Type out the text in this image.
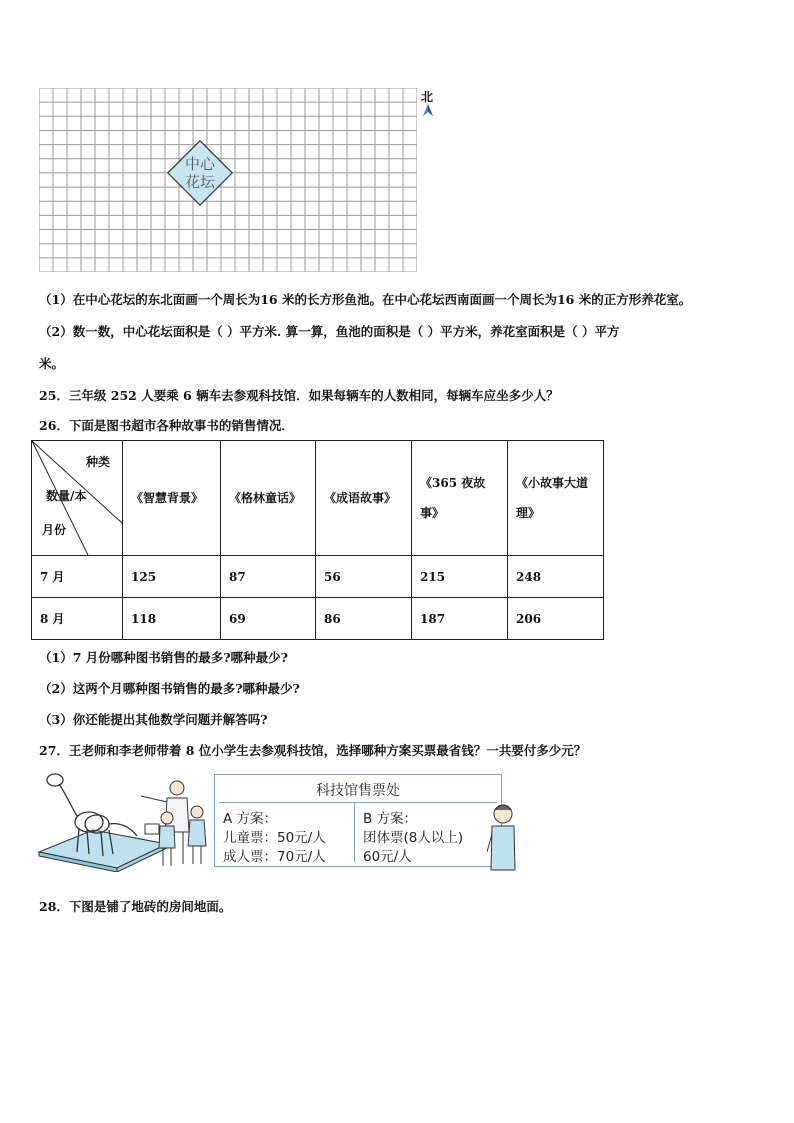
中心
花坛
北
（1）在中心花坛的东北面画一个周长为16 米的长方形鱼池。在中心花坛西南面画一个周长为16 米的正方形养花室。
（2）数一数，中心花坛面积是（ ）平方米. 算一算，鱼池的面积是（ ）平方米，养花室面积是（ ）平方
米。
25．三年级 252 人要乘 6 辆车去参观科技馆．如果每辆车的人数相同，每辆车应坐多少人？
26．下面是图书超市各种故事书的销售情况．
种类
数量/本
月份	《智慧背景》	《格林童话》	《成语故事》	《365 夜故事》	《小故事大道理》
7 月	125	87	56	215	248
8 月	118	69	86	187	206
（1）7 月份哪种图书销售的最多?哪种最少?
（2）这两个月哪种图书销售的最多?哪种最少?
（3）你还能提出其他数学问题并解答吗?
27．王老师和李老师带着 8 位小学生去参观科技馆，选择哪种方案买票最省钱？一共要付多少元？
科技馆售票处
A 方案：
儿童票：50元/人
成人票：70元/人
B 方案：
团体票(8人以上)
60元/人
28．下图是铺了地砖的房间地面。
